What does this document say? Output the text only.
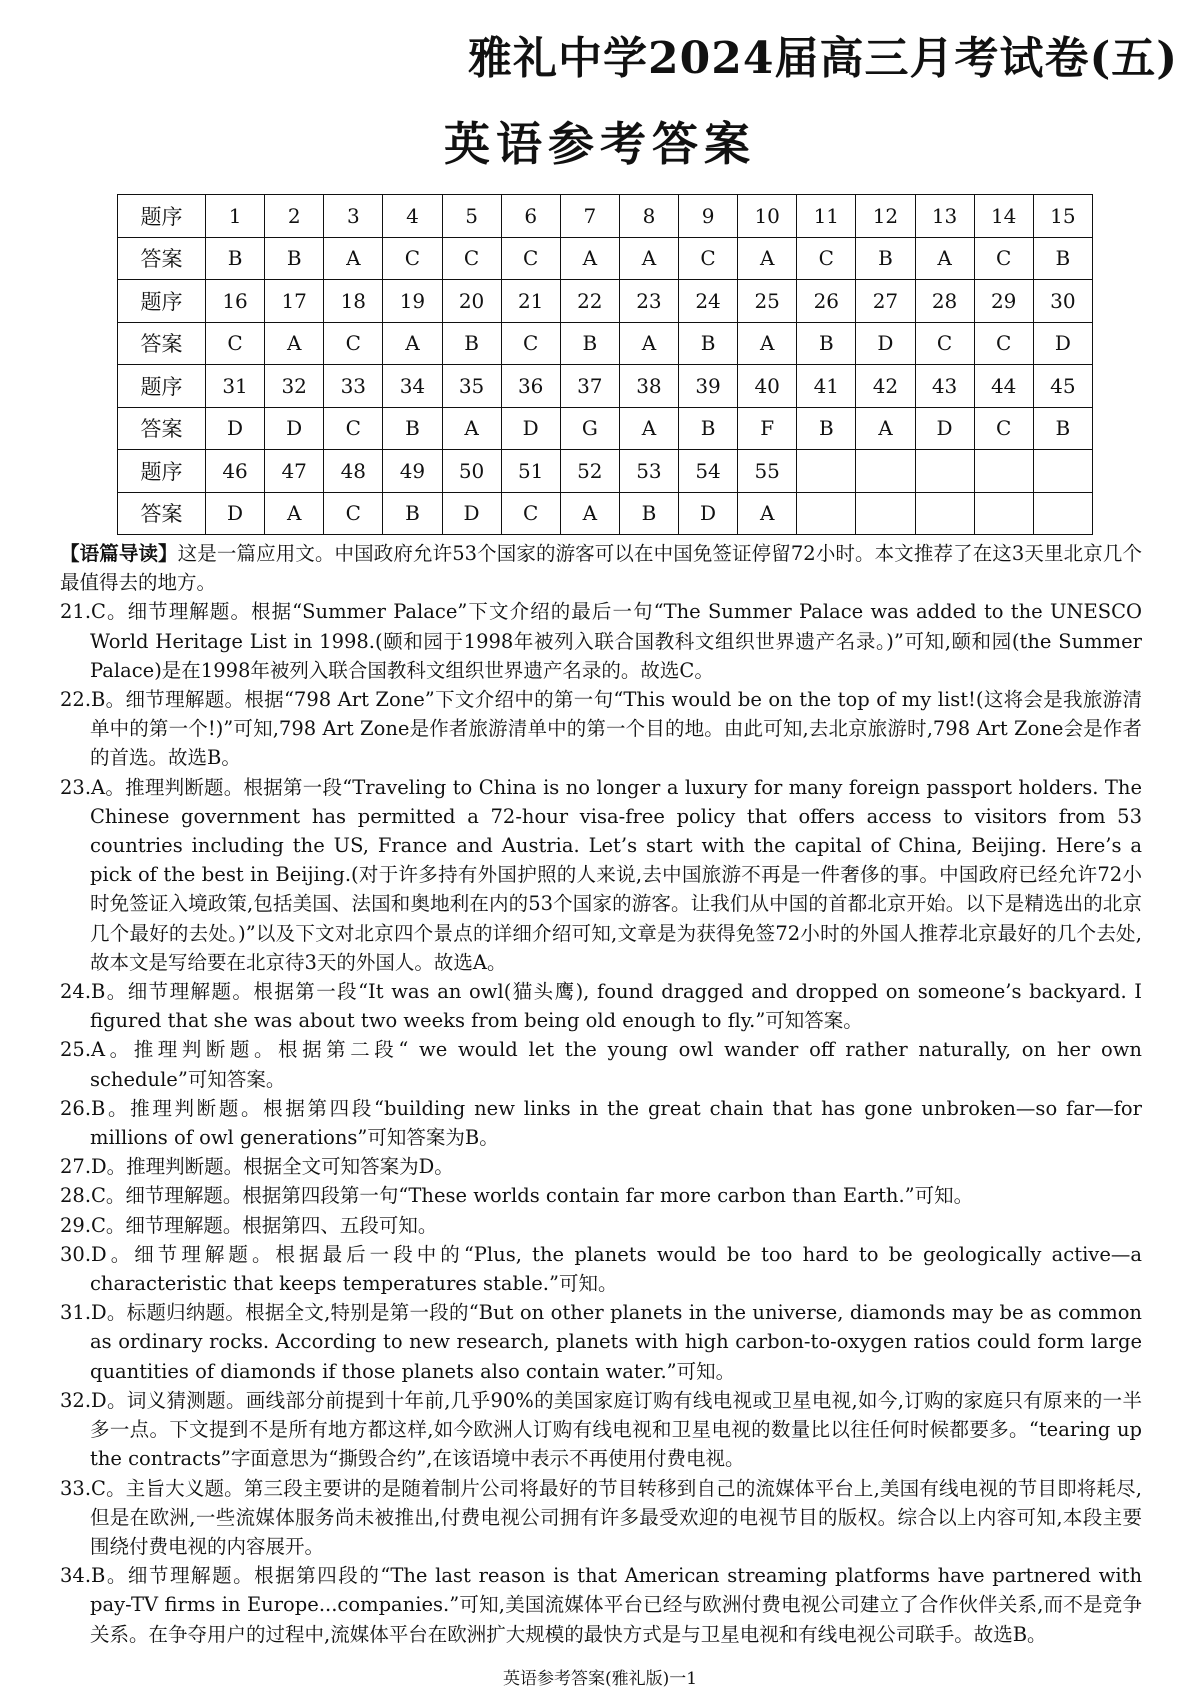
雅礼中学2024届高三月考试卷(五)
英语参考答案
题序	1	2	3	4	5	6	7	8	9	10	11	12	13	14	15
答案	B	B	A	C	C	C	A	A	C	A	C	B	A	C	B
题序	16	17	18	19	20	21	22	23	24	25	26	27	28	29	30
答案	C	A	C	A	B	C	B	A	B	A	B	D	C	C	D
题序	31	32	33	34	35	36	37	38	39	40	41	42	43	44	45
答案	D	D	C	B	A	D	G	A	B	F	B	A	D	C	B
题序	46	47	48	49	50	51	52	53	54	55					
答案	D	A	C	B	D	C	A	B	D	A					

【语篇导读】这是一篇应用文。中国政府允许53个国家的游客可以在中国免签证停留72小时。本文推荐了在这3天里北京几个最值得去的地方。

21.C。细节理解题。根据“Summer Palace”下文介绍的最后一句“The Summer Palace was added to the UNESCO World Heritage List in 1998.(颐和园于1998年被列入联合国教科文组织世界遗产名录。)”可知,颐和园(the Summer Palace)是在1998年被列入联合国教科文组织世界遗产名录的。故选C。

22.B。细节理解题。根据“798 Art Zone”下文介绍中的第一句“This would be on the top of my list!(这将会是我旅游清单中的第一个!)”可知,798 Art Zone是作者旅游清单中的第一个目的地。由此可知,去北京旅游时,798 Art Zone会是作者的首选。故选B。

23.A。推理判断题。根据第一段“Traveling to China is no longer a luxury for many foreign passport holders. The Chinese government has permitted a 72-hour visa-free policy that offers access to visitors from 53 countries including the US, France and Austria. Let’s start with the capital of China, Beijing. Here’s a pick of the best in Beijing.(对于许多持有外国护照的人来说,去中国旅游不再是一件奢侈的事。中国政府已经允许72小时免签证入境政策,包括美国、法国和奥地利在内的53个国家的游客。让我们从中国的首都北京开始。以下是精选出的北京几个最好的去处。)”以及下文对北京四个景点的详细介绍可知,文章是为获得免签72小时的外国人推荐北京最好的几个去处,故本文是写给要在北京待3天的外国人。故选A。

24.B。细节理解题。根据第一段“It was an owl(猫头鹰), found dragged and dropped on someone’s backyard. I figured that she was about two weeks from being old enough to fly.”可知答案。

25.A。推理判断题。根据第二段“ we would let the young owl wander off rather naturally, on her own schedule”可知答案。

26.B。推理判断题。根据第四段“building new links in the great chain that has gone unbroken—so far—for millions of owl generations”可知答案为B。

27.D。推理判断题。根据全文可知答案为D。

28.C。细节理解题。根据第四段第一句“These worlds contain far more carbon than Earth.”可知。

29.C。细节理解题。根据第四、五段可知。

30.D。细节理解题。根据最后一段中的“Plus, the planets would be too hard to be geologically active—a characteristic that keeps temperatures stable.”可知。

31.D。标题归纳题。根据全文,特别是第一段的“But on other planets in the universe, diamonds may be as common as ordinary rocks. According to new research, planets with high carbon-to-oxygen ratios could form large quantities of diamonds if those planets also contain water.”可知。

32.D。词义猜测题。画线部分前提到十年前,几乎90%的美国家庭订购有线电视或卫星电视,如今,订购的家庭只有原来的一半多一点。下文提到不是所有地方都这样,如今欧洲人订购有线电视和卫星电视的数量比以往任何时候都要多。“tearing up the contracts”字面意思为“撕毁合约”,在该语境中表示不再使用付费电视。

33.C。主旨大义题。第三段主要讲的是随着制片公司将最好的节目转移到自己的流媒体平台上,美国有线电视的节目即将耗尽,但是在欧洲,一些流媒体服务尚未被推出,付费电视公司拥有许多最受欢迎的电视节目的版权。综合以上内容可知,本段主要围绕付费电视的内容展开。

34.B。细节理解题。根据第四段的“The last reason is that American streaming platforms have partnered with pay-TV firms in Europe...companies.”可知,美国流媒体平台已经与欧洲付费电视公司建立了合作伙伴关系,而不是竞争关系。在争夺用户的过程中,流媒体平台在欧洲扩大规模的最快方式是与卫星电视和有线电视公司联手。故选B。

英语参考答案(雅礼版)一1
